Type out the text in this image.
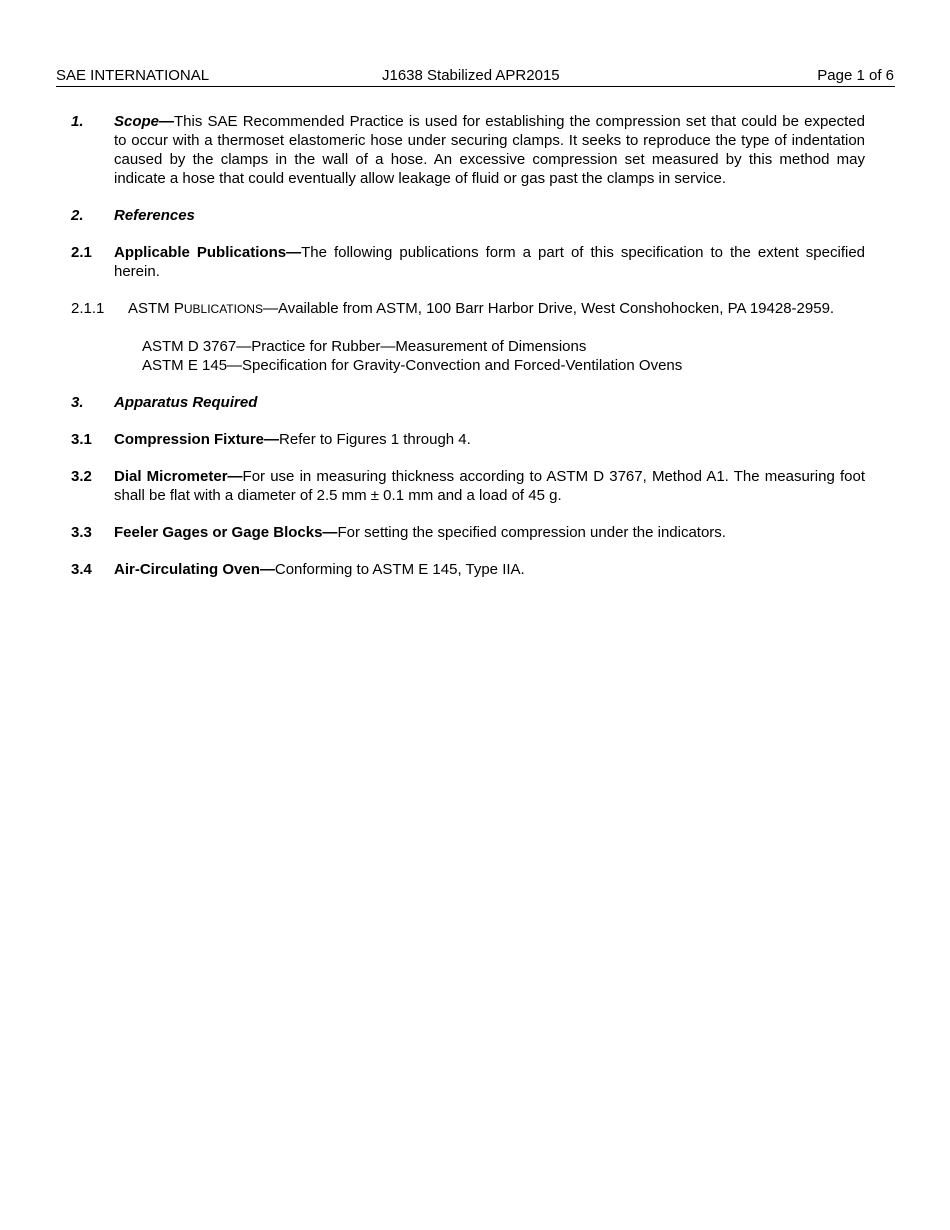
SAE INTERNATIONAL	J1638 Stabilized APR2015	Page 1 of 6
1.	Scope—This SAE Recommended Practice is used for establishing the compression set that could be expected to occur with a thermoset elastomeric hose under securing clamps. It seeks to reproduce the type of indentation caused by the clamps in the wall of a hose. An excessive compression set measured by this method may indicate a hose that could eventually allow leakage of fluid or gas past the clamps in service.
2.	References
2.1	Applicable Publications—The following publications form a part of this specification to the extent specified herein.
2.1.1	ASTM PUBLICATIONS—Available from ASTM, 100 Barr Harbor Drive, West Conshohocken, PA 19428-2959.
ASTM D 3767—Practice for Rubber—Measurement of Dimensions
ASTM E 145—Specification for Gravity-Convection and Forced-Ventilation Ovens
3.	Apparatus Required
3.1	Compression Fixture—Refer to Figures 1 through 4.
3.2	Dial Micrometer—For use in measuring thickness according to ASTM D 3767, Method A1. The measuring foot shall be flat with a diameter of 2.5 mm ± 0.1 mm and a load of 45 g.
3.3	Feeler Gages or Gage Blocks—For setting the specified compression under the indicators.
3.4	Air-Circulating Oven—Conforming to ASTM E 145, Type IIA.
